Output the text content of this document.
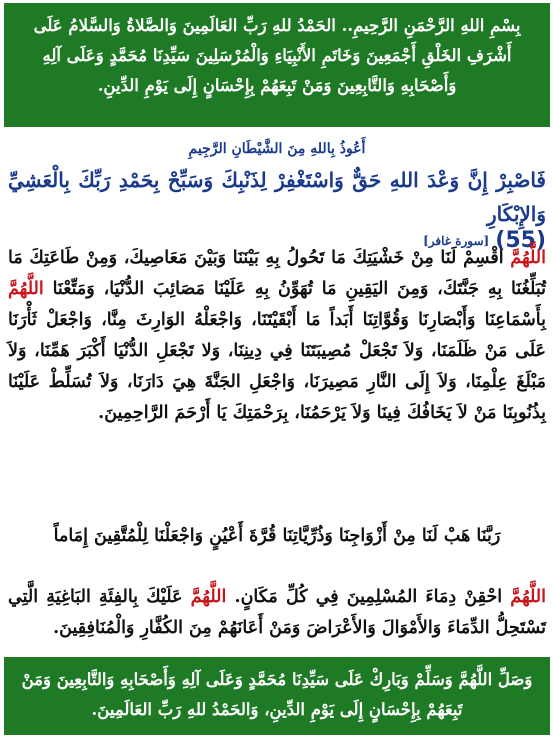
بِسْمِ اللهِ الرَّحْمَنِ الرَّحِيمِ.. الحَمْدُ للهِ رَبِّ العَالَمِينَ وَالصَّلاةُ وَالسَّلامُ عَلَى أَشْرَفِ الخَلْقِ أَجْمَعِينَ وَخَاتَمِ الأَنْبِيَاءِ وَالْمُرْسَلِينَ سَيِّدِنَا مُحَمَّدٍ وَعَلَى آلِهِ وَأَصْحَابِهِ وَالتَّابِعِينَ وَمَنْ تَبِعَهُمْ بِإِحْسَانٍ إِلَى يَوْمِ الدِّينِ.
أَعُوذُ بِاللهِ مِنَ الشَّيْطَانِ الرَّجِيمِ
فَاصْبِرْ إِنَّ وَعْدَ اللهِ حَقٌّ وَاسْتَغْفِرْ لِذَنْبِكَ وَسَبِّحْ بِحَمْدِ رَبِّكَ بِالْعَشِيِّ وَالإِبْكَارِ
(55)
[سورة غافر]
اللَّهُمَّ اقْسِمْ لَنَا مِنْ خَشْيَتِكَ مَا تَحُولُ بِهِ بَيْنَنَا وَبَيْنَ مَعَاصِيكَ، وَمِنْ طَاعَتِكَ مَا تُبَلِّغُنَا بِهِ جَنَّتَكَ، وَمِنَ اليَقِينِ مَا تُهَوِّنُ بِهِ عَلَيْنَا مَصَائِبَ الدُّنْيَا، وَمَتِّعْنَا اللَّهُمَّ بِأَسْمَاعِنَا وَأَبْصَارِنَا وَقُوَّاتِنَا أَبَداً مَا أَبْقَيْتَنَا، وَاجْعَلْهُ الوَارِثَ مِنَّا، وَاجْعَلْ ثَأْرَنَا عَلَى مَنْ ظَلَمَنَا، وَلاَ تَجْعَلْ مُصِيبَتَنَا فِي دِينِنَا، وَلا تَجْعَلِ الدُّنْيَا أَكْبَرَ هَمِّنَا، وَلاَ مَبْلَغَ عِلْمِنَا، وَلاَ إِلَى النَّارِ مَصِيرَنَا، وَاجْعَلِ الجَنَّةَ هِيَ دَارَنَا، وَلاَ تُسَلِّطْ عَلَيْنَا بِذُنُوبِنَا مَنْ لاَ يَخَافُكَ فِينَا وَلاَ يَرْحَمُنَا، بِرَحْمَتِكَ يَا أَرْحَمَ الرَّاحِمِينَ.
رَبَّنَا هَبْ لَنَا مِنْ أَزْوَاجِنَا وَذُرِّيَّاتِنَا قُرَّةَ أَعْيُنٍ وَاجْعَلْنَا لِلْمُتَّقِينَ إِمَاماً
اللَّهُمَّ احْقِنْ دِمَاءَ المُسْلِمِينَ فِي كُلِّ مَكَانٍ. اللَّهُمَّ عَلَيْكَ بِالفِئَةِ البَاغِيَةِ الَّتِي تَسْتَحِلُّ الدِّمَاءَ وَالأَمْوَالَ وَالأَعْرَاضَ وَمَنْ أَعَانَهُمْ مِنَ الكُفَّارِ وَالْمُنَافِقِينَ.
وَصَلِّ اللَّهُمَّ وَسَلِّمْ وَبَارِكْ عَلَى سَيِّدِنَا مُحَمَّدٍ وَعَلَى آلِهِ وَأَصْحَابِهِ وَالتَّابِعِينَ وَمَنْ تَبِعَهُمْ بِإِحْسَانٍ إِلَى يَوْمِ الدِّينِ، وَالحَمْدُ للهِ رَبِّ العَالَمِينَ.
